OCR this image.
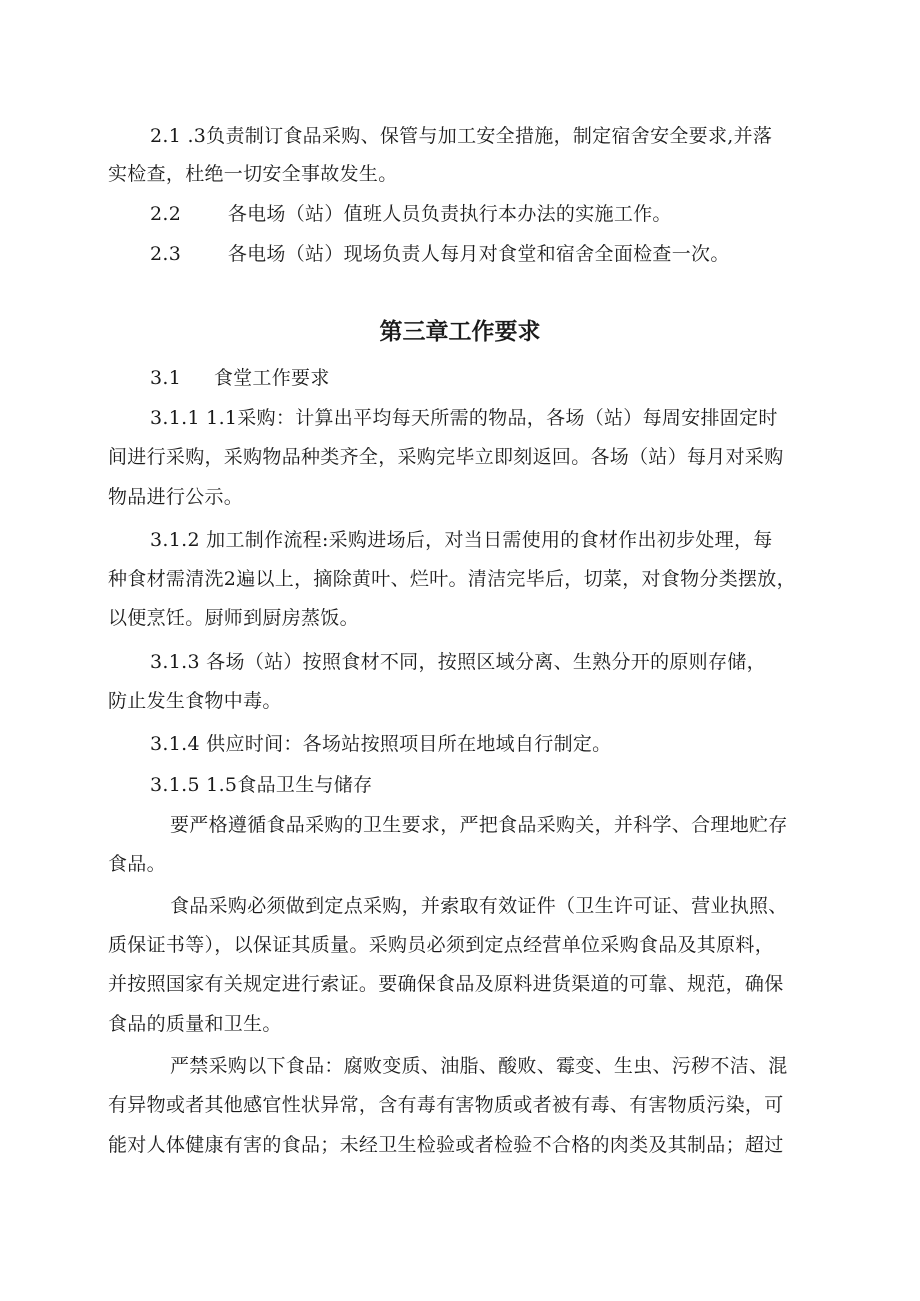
2.1 .3负责制订食品采购、保管与加工安全措施，制定宿舍安全要求,并落
实检查，杜绝一切安全事故发生。
2.2 各电场（站）值班人员负责执行本办法的实施工作。
2.3 各电场（站）现场负责人每月对食堂和宿舍全面检查一次。
第三章工作要求
3.1 食堂工作要求
3.1.1 1.1采购：计算出平均每天所需的物品，各场（站）每周安排固定时
间进行采购，采购物品种类齐全，采购完毕立即刻返回。各场（站）每月对采购
物品进行公示。
3.1.2 加工制作流程:采购进场后，对当日需使用的食材作出初步处理，每
种食材需清洗2遍以上，摘除黄叶、烂叶。清洁完毕后，切菜，对食物分类摆放，
以便烹饪。厨师到厨房蒸饭。
3.1.3 各场（站）按照食材不同，按照区域分离、生熟分开的原则存储，
防止发生食物中毒。
3.1.4 供应时间：各场站按照项目所在地域自行制定。
3.1.5 1.5食品卫生与储存
要严格遵循食品采购的卫生要求，严把食品采购关，并科学、合理地贮存
食品。
食品采购必须做到定点采购，并索取有效证件（卫生许可证、营业执照、
质保证书等），以保证其质量。采购员必须到定点经营单位采购食品及其原料，
并按照国家有关规定进行索证。要确保食品及原料进货渠道的可靠、规范，确保
食品的质量和卫生。
严禁采购以下食品：腐败变质、油脂、酸败、霉变、生虫、污秽不洁、混
有异物或者其他感官性状异常，含有毒有害物质或者被有毒、有害物质污染，可
能对人体健康有害的食品；未经卫生检验或者检验不合格的肉类及其制品；超过
